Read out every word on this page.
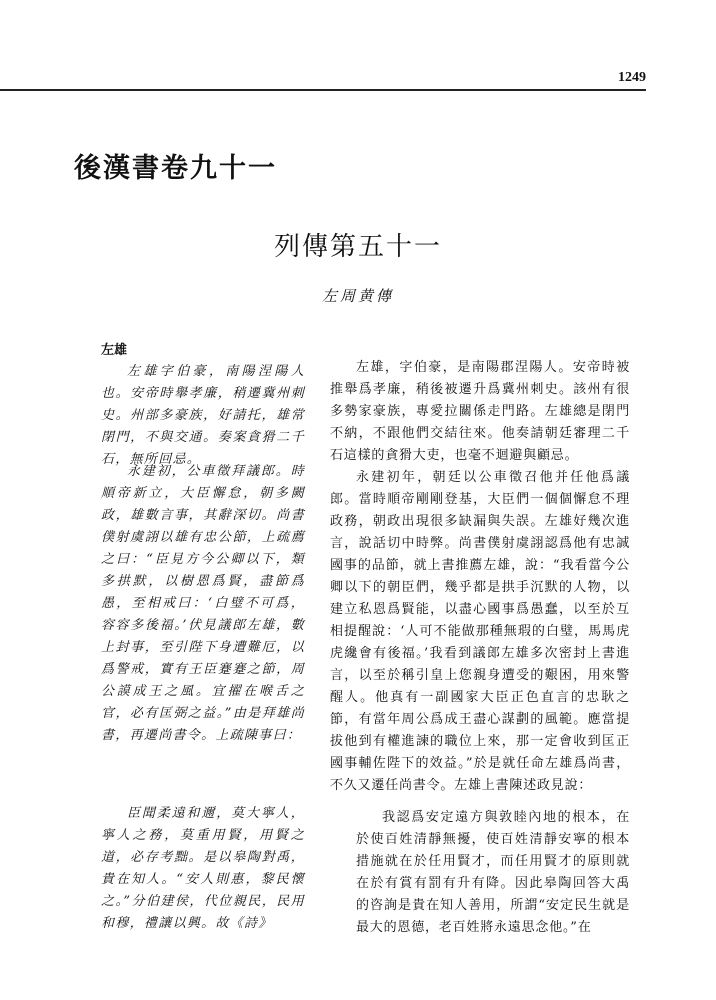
1249
後漢書卷九十一
列傳第五十一
左周黄傳
左雄

左雄字伯豪，南陽涅陽人也。安帝時舉孝廉，稍遷冀州刺史。州部多豪族，好請托，雄常閉門，不與交通。奏案貪猾二千石，無所回忌。

永建初，公車徵拜議郎。時順帝新立，大臣懈怠，朝多闕政，雄數言事，其辭深切。尚書僕射虞詡以雄有忠公節，上疏薦之曰：“臣見方今公卿以下，類多拱默，以樹恩爲賢，盡節爲愚，至相戒曰：‘白璧不可爲，容容多後福。’伏見議郎左雄，數上封事，至引陛下身遭難厄，以爲警戒，實有王臣蹇蹇之節，周公謨成王之風。宜擢在喉舌之官，必有匡弼之益。”由是拜雄尚書，再遷尚書令。上疏陳事曰：

臣聞柔遠和邇，莫大寧人，寧人之務，莫重用賢，用賢之道，必存考黜。是以皋陶對禹，貴在知人。“安人則惠，黎民懷之。”分伯建侯，代位親民，民用和穆，禮讓以興。故《詩》

左雄，字伯豪，是南陽郡涅陽人。安帝時被推舉爲孝廉，稍後被遷升爲冀州刺史。該州有很多勢家豪族，專愛拉關係走門路。左雄總是閉門不納，不跟他們交結往來。他奏請朝廷審理二千石這樣的貪猾大吏，也毫不迴避與顧忌。

永建初年，朝廷以公車徵召他并任他爲議郎。當時順帝剛剛登基，大臣們一個個懈怠不理政務，朝政出現很多缺漏與失誤。左雄好幾次進言，說話切中時弊。尚書僕射虞詡認爲他有忠誠國事的品節，就上書推薦左雄，說：“我看當今公卿以下的朝臣們，幾乎都是拱手沉默的人物，以建立私恩爲賢能，以盡心國事爲愚蠢，以至於互相提醒說：‘人可不能做那種無瑕的白璧，馬馬虎虎纔會有後福。’我看到議郎左雄多次密封上書進言，以至於稱引皇上您親身遭受的艱困，用來警醒人。他真有一副國家大臣正色直言的忠耿之節，有當年周公爲成王盡心謀劃的風範。應當提拔他到有權進諫的職位上來，那一定會收到匡正國事輔佐陛下的效益。”於是就任命左雄爲尚書，不久又遷任尚書令。左雄上書陳述政見說：

我認爲安定遠方與敦睦內地的根本，在於使百姓清靜無擾，使百姓清靜安寧的根本措施就在於任用賢才，而任用賢才的原則就在於有賞有罰有升有降。因此皋陶回答大禹的咨詢是貴在知人善用，所謂“安定民生就是最大的恩德，老百姓將永遠思念他。”在
